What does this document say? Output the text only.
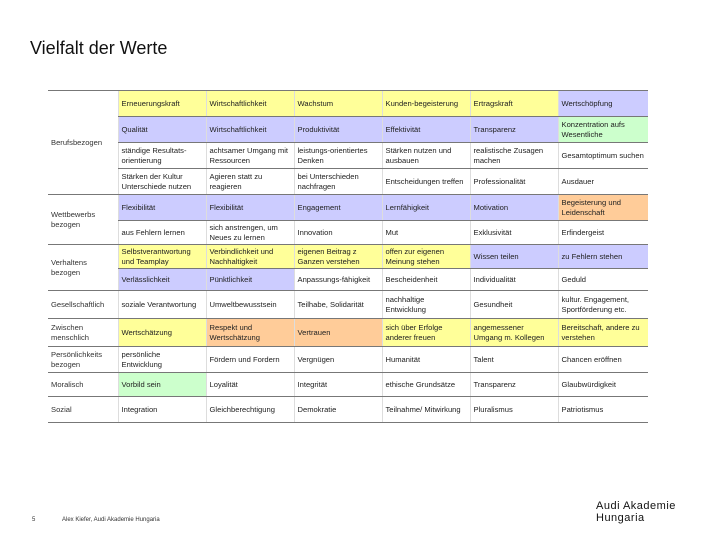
Vielfalt der Werte
Berufsbezogen	Erneuerungskraft	Wirtschaftlichkeit	Wachstum	Kunden-begeisterung	Ertragskraft	Wertschöpfung
	Qualität	Wirtschaftlichkeit	Produktivität	Effektivität	Transparenz	Konzentration aufs Wesentliche
	ständige Resultats-orientierung	achtsamer Umgang mit Ressourcen	leistungs-orientiertes Denken	Stärken nutzen und ausbauen	realistische Zusagen machen	Gesamtoptimum suchen
	Stärken der Kultur Unterschiede nutzen	Agieren statt zu reagieren	bei Unterschieden nachfragen	Entscheidungen treffen	Professionalität	Ausdauer
Wettbewerbs bezogen	Flexibilität	Flexibilität	Engagement	Lernfähigkeit	Motivation	Begeisterung und Leidenschaft
	aus Fehlern lernen	sich anstrengen, um Neues zu lernen	Innovation	Mut	Exklusivität	Erfindergeist
Verhaltens bezogen	Selbstverantwortung und Teamplay	Verbindlichkeit und Nachhaltigkeit	eigenen Beitrag z Ganzen verstehen	offen zur eigenen Meinung stehen	Wissen teilen	zu Fehlern stehen
	Verlässlichkeit	Pünktlichkeit	Anpassungs-fähigkeit	Bescheidenheit	Individualität	Geduld
Gesellschaftlich	soziale Verantwortung	Umweltbewusstsein	Teilhabe, Solidarität	nachhaltige Entwicklung	Gesundheit	kultur. Engagement, Sportförderung etc.
Zwischen menschlich	Wertschätzung	Respekt und Wertschätzung	Vertrauen	sich über Erfolge anderer freuen	angemessener Umgang m. Kollegen	Bereitschaft, andere zu verstehen
Persönlichkeits bezogen	persönliche Entwicklung	Fördern und Fordern	Vergnügen	Humanität	Talent	Chancen eröffnen
Moralisch	Vorbild sein	Loyalität	Integrität	ethische Grundsätze	Transparenz	Glaubwürdigkeit
Sozial	Integration	Gleichberechtigung	Demokratie	Teilnahme/ Mitwirkung	Pluralismus	Patriotismus
5	Alex Kiefer, Audi Akademie Hungaria
Audi Akademie
Hungaria
